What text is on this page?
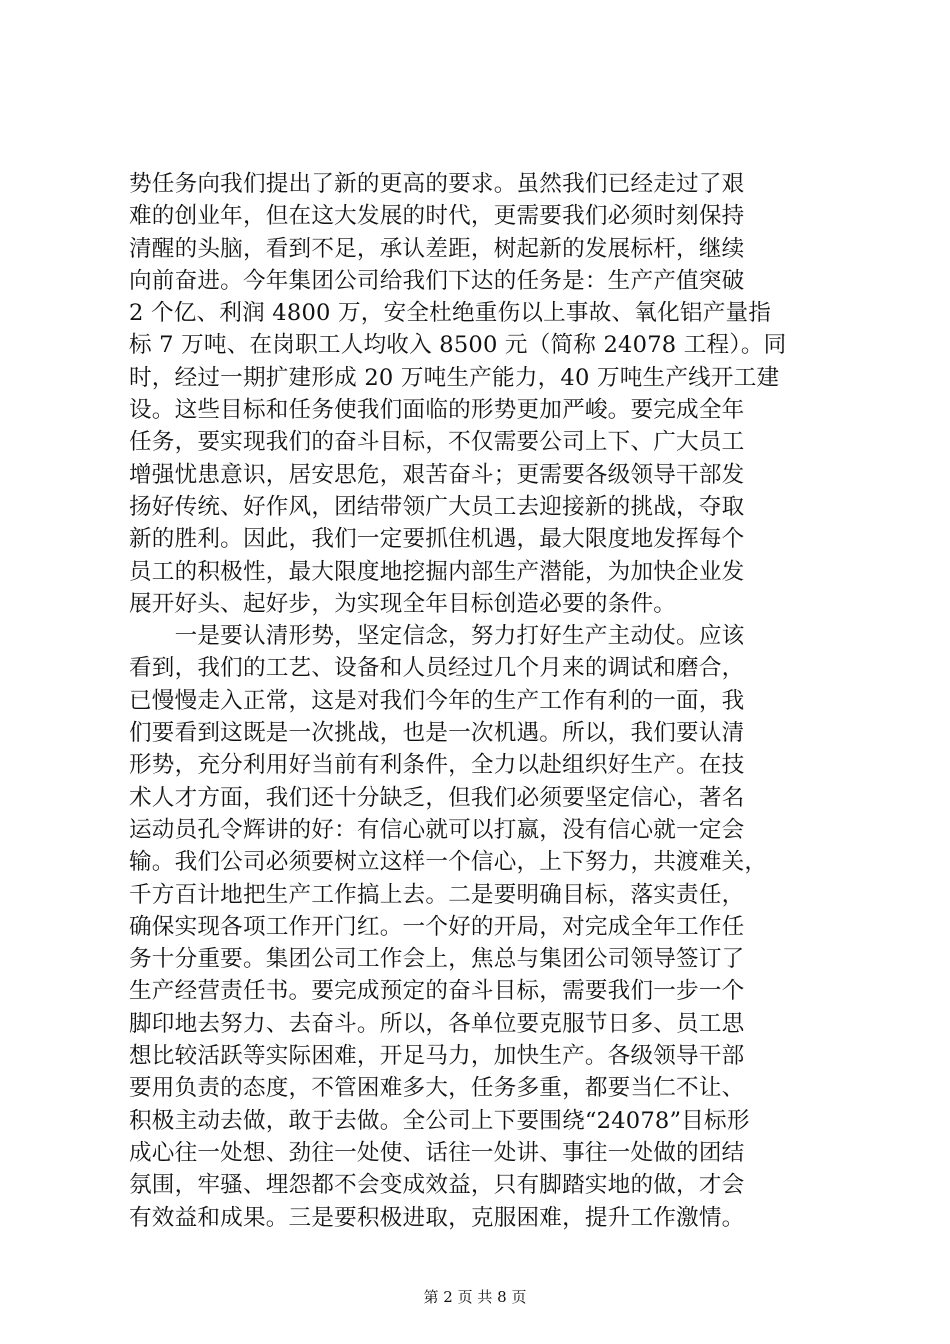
势任务向我们提出了新的更高的要求。虽然我们已经走过了艰
难的创业年，但在这大发展的时代，更需要我们必须时刻保持
清醒的头脑，看到不足，承认差距，树起新的发展标杆，继续
向前奋进。今年集团公司给我们下达的任务是：生产产值突破
2 个亿、利润 4800 万，安全杜绝重伤以上事故、氧化铝产量指
标 7 万吨、在岗职工人均收入 8500 元（简称 24078 工程）。同
时，经过一期扩建形成 20 万吨生产能力，40 万吨生产线开工建
设。这些目标和任务使我们面临的形势更加严峻。要完成全年
任务，要实现我们的奋斗目标，不仅需要公司上下、广大员工
增强忧患意识，居安思危，艰苦奋斗；更需要各级领导干部发
扬好传统、好作风，团结带领广大员工去迎接新的挑战，夺取
新的胜利。因此，我们一定要抓住机遇，最大限度地发挥每个
员工的积极性，最大限度地挖掘内部生产潜能，为加快企业发
展开好头、起好步，为实现全年目标创造必要的条件。
　　一是要认清形势，坚定信念，努力打好生产主动仗。应该
看到，我们的工艺、设备和人员经过几个月来的调试和磨合，
已慢慢走入正常，这是对我们今年的生产工作有利的一面，我
们要看到这既是一次挑战，也是一次机遇。所以，我们要认清
形势，充分利用好当前有利条件，全力以赴组织好生产。在技
术人才方面，我们还十分缺乏，但我们必须要坚定信心，著名
运动员孔令辉讲的好：有信心就可以打嬴，没有信心就一定会
输。我们公司必须要树立这样一个信心，上下努力，共渡难关，
千方百计地把生产工作搞上去。二是要明确目标，落实责任，
确保实现各项工作开门红。一个好的开局，对完成全年工作任
务十分重要。集团公司工作会上，焦总与集团公司领导签订了
生产经营责任书。要完成预定的奋斗目标，需要我们一步一个
脚印地去努力、去奋斗。所以，各单位要克服节日多、员工思
想比较活跃等实际困难，开足马力，加快生产。各级领导干部
要用负责的态度，不管困难多大，任务多重，都要当仁不让、
积极主动去做，敢于去做。全公司上下要围绕“24078”目标形
成心往一处想、劲往一处使、话往一处讲、事往一处做的团结
氛围，牢骚、埋怨都不会变成效益，只有脚踏实地的做，才会
有效益和成果。三是要积极进取，克服困难，提升工作激情。
第 2 页 共 8 页
